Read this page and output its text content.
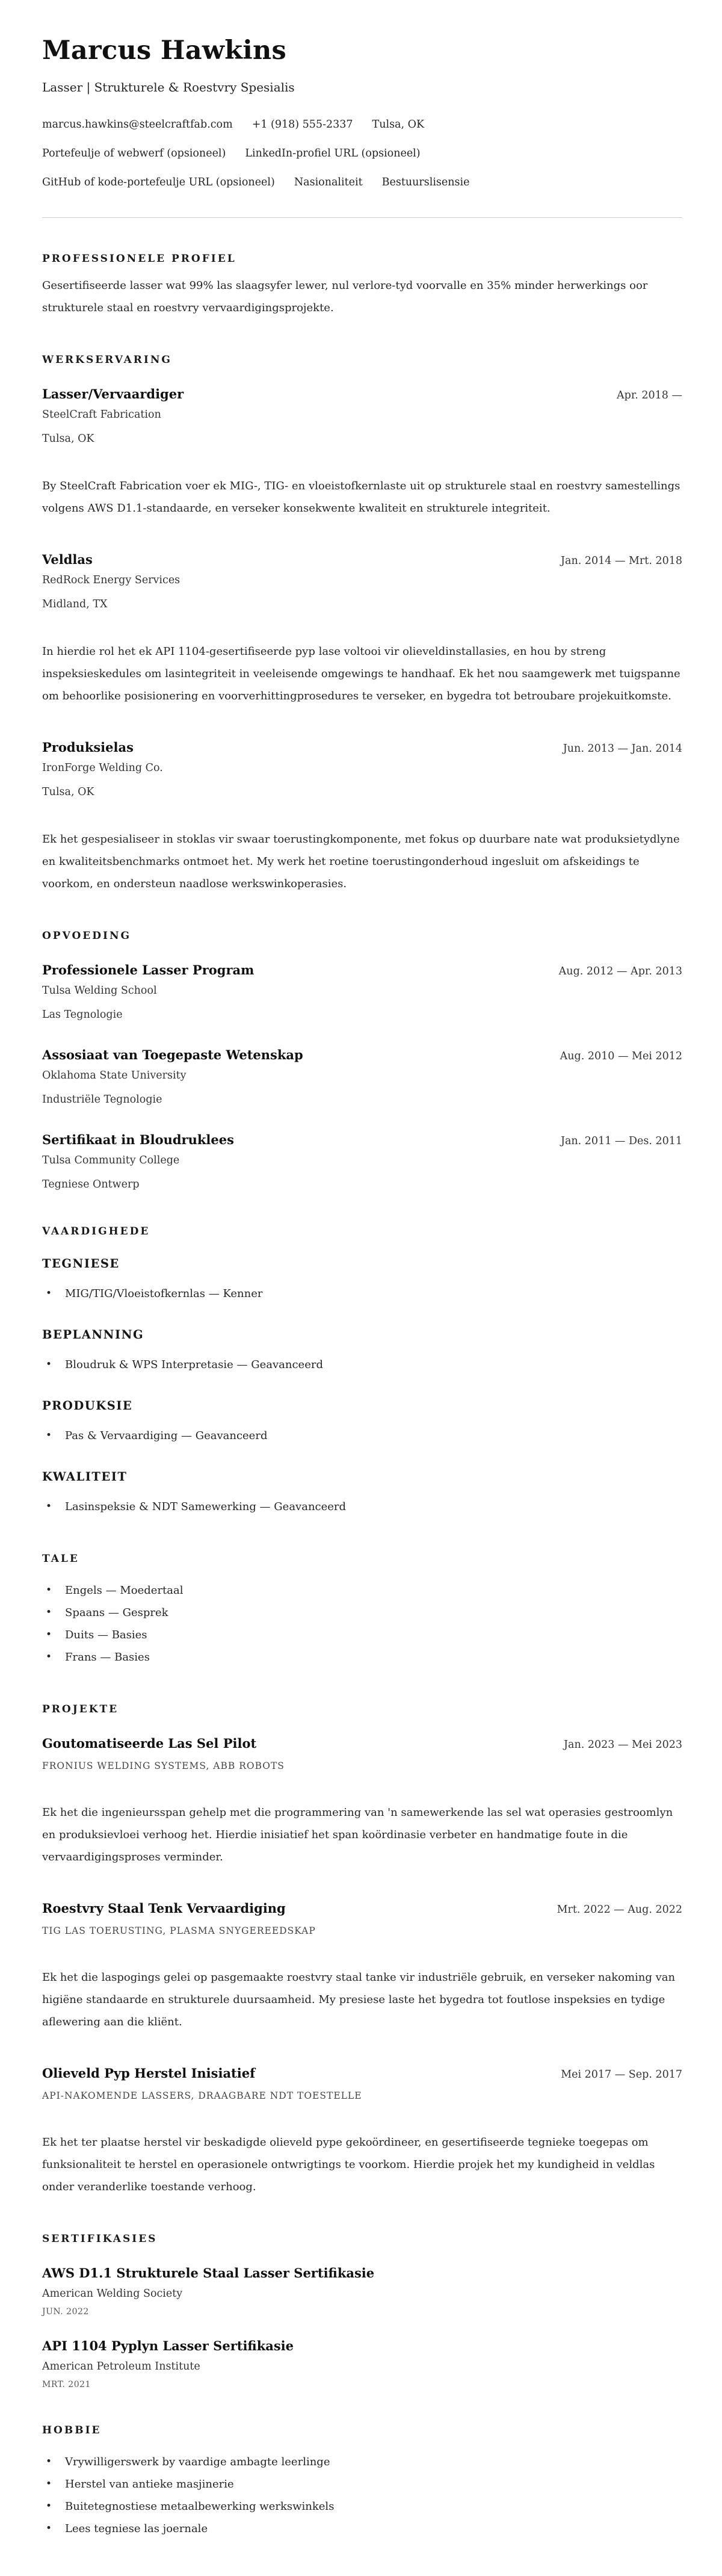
Marcus Hawkins
Lasser | Strukturele & Roestvry Spesialis
marcus.hawkins@steelcraftfab.com +1 (918) 555-2337 Tulsa, OK
Portefeulje of webwerf (opsioneel) LinkedIn-profiel URL (opsioneel)
GitHub of kode-portefeulje URL (opsioneel) Nasionaliteit Bestuurslisensie
PROFESSIONELE PROFIEL

Gesertifiseerde lasser wat 99% las slaagsyfer lewer, nul verlore-tyd voorvalle en 35% minder herwerkings oor strukturele staal en roestvry vervaardigingsprojekte.

WERKSERVARING
Lasser/Vervaardiger	Apr. 2018 —
SteelCraft Fabrication
Tulsa, OK

By SteelCraft Fabrication voer ek MIG-, TIG- en vloeistofkernlaste uit op strukturele staal en roestvry samestellings volgens AWS D1.1-standaarde, en verseker konsekwente kwaliteit en strukturele integriteit.

Veldlas	Jan. 2014 — Mrt. 2018
RedRock Energy Services
Midland, TX

In hierdie rol het ek API 1104-gesertifiseerde pyp lase voltooi vir olieveldinstallasies, en hou by streng inspeksieskedules om lasintegriteit in veeleisende omgewings te handhaaf. Ek het nou saamgewerk met tuigspanne om behoorlike posisionering en voorverhittingprosedures te verseker, en bygedra tot betroubare projekuitkomste.

Produksielas	Jun. 2013 — Jan. 2014
IronForge Welding Co.
Tulsa, OK

Ek het gespesialiseer in stoklas vir swaar toerustingkomponente, met fokus op duurbare nate wat produksietydlyne en kwaliteitsbenchmarks ontmoet het. My werk het roetine toerustingonderhoud ingesluit om afskeidings te voorkom, en ondersteun naadlose werkswinkoperasies.

OPVOEDING
Professionele Lasser Program	Aug. 2012 — Apr. 2013
Tulsa Welding School
Las Tegnologie
Assosiaat van Toegepaste Wetenskap	Aug. 2010 — Mei 2012
Oklahoma State University
Industriële Tegnologie
Sertifikaat in Bloudruklees	Jan. 2011 — Des. 2011
Tulsa Community College
Tegniese Ontwerp
VAARDIGHEDE
TEGNIESE
• MIG/TIG/Vloeistofkernlas — Kenner
BEPLANNING
• Bloudruk & WPS Interpretasie — Geavanceerd
PRODUKSIE
• Pas & Vervaardiging — Geavanceerd
KWALITEIT
• Lasinspeksie & NDT Samewerking — Geavanceerd
TALE
• Engels — Moedertaal
• Spaans — Gesprek
• Duits — Basies
• Frans — Basies
PROJEKTE
Goutomatiseerde Las Sel Pilot	Jan. 2023 — Mei 2023
FRONIUS WELDING SYSTEMS, ABB ROBOTS

Ek het die ingenieursspan gehelp met die programmering van 'n samewerkende las sel wat operasies gestroomlyn en produksievloei verhoog het. Hierdie inisiatief het span koördinasie verbeter en handmatige foute in die vervaardigingsproses verminder.

Roestvry Staal Tenk Vervaardiging	Mrt. 2022 — Aug. 2022
TIG LAS TOERUSTING, PLASMA SNYGEREEDSKAP

Ek het die laspogings gelei op pasgemaakte roestvry staal tanke vir industriële gebruik, en verseker nakoming van higiëne standaarde en strukturele duursaamheid. My presiese laste het bygedra tot foutlose inspeksies en tydige aflewering aan die kliënt.

Olieveld Pyp Herstel Inisiatief	Mei 2017 — Sep. 2017
API-NAKOMENDE LASSERS, DRAAGBARE NDT TOESTELLE

Ek het ter plaatse herstel vir beskadigde olieveld pype gekoördineer, en gesertifiseerde tegnieke toegepas om funksionaliteit te herstel en operasionele ontwrigtings te voorkom. Hierdie projek het my kundigheid in veldlas onder veranderlike toestande verhoog.

SERTIFIKASIES
AWS D1.1 Strukturele Staal Lasser Sertifikasie
American Welding Society
JUN. 2022
API 1104 Pyplyn Lasser Sertifikasie
American Petroleum Institute
MRT. 2021
HOBBIE
• Vrywilligerswerk by vaardige ambagte leerlinge
• Herstel van antieke masjinerie
• Buitetegnostiese metaalbewerking werkswinkels
• Lees tegniese las joernale
